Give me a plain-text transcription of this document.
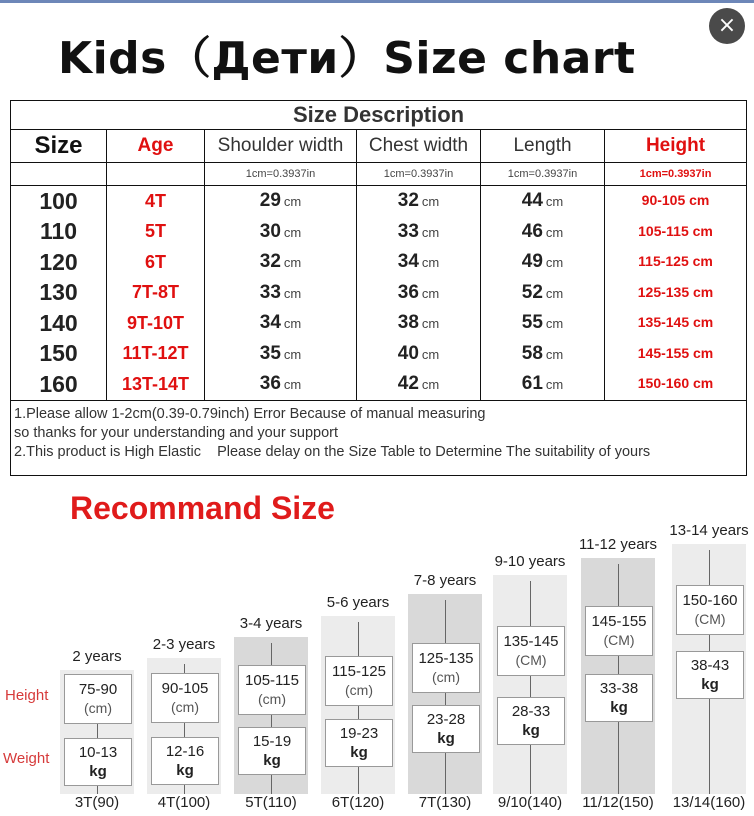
Kids（Дети）Size chart
×
Size Description					
Size	Age	Shoulder width	Chest width	Length	Height
		1cm=0.3937in	1cm=0.3937in	1cm=0.3937in	1cm=0.3937in
100	4T	29 cm	32 cm	44 cm	90-105 cm
110	5T	30 cm	33 cm	46 cm	105-115 cm
120	6T	32 cm	34 cm	49 cm	115-125 cm
130	7T-8T	33 cm	36 cm	52 cm	125-135 cm
140	9T-10T	34 cm	38 cm	55 cm	135-145 cm
150	11T-12T	35 cm	40 cm	58 cm	145-155 cm
160	13T-14T	36 cm	42 cm	61 cm	150-160 cm

1.Please allow 1-2cm(0.39-0.79inch) Error Because of manual measuring
so thanks for your understanding and your support
2.This product is High Elastic    Please delay on the Size Table to Determine The suitability of yours					
Recommand Size
2 years
75-90
(cm)
10-13
kg
3T(90)
2-3 years
90-105
(cm)
12-16
kg
4T(100)
3-4 years
105-115
(cm)
15-19
kg
5T(110)
5-6 years
115-125
(cm)
19-23
kg
6T(120)
7-8 years
125-135
(cm)
23-28
kg
7T(130)
9-10 years
135-145
(CM)
28-33
kg
9/10(140)
11-12 years
145-155
(CM)
33-38
kg
11/12(150)
13-14 years
150-160
(CM)
38-43
kg
13/14(160)
Height
Weight
